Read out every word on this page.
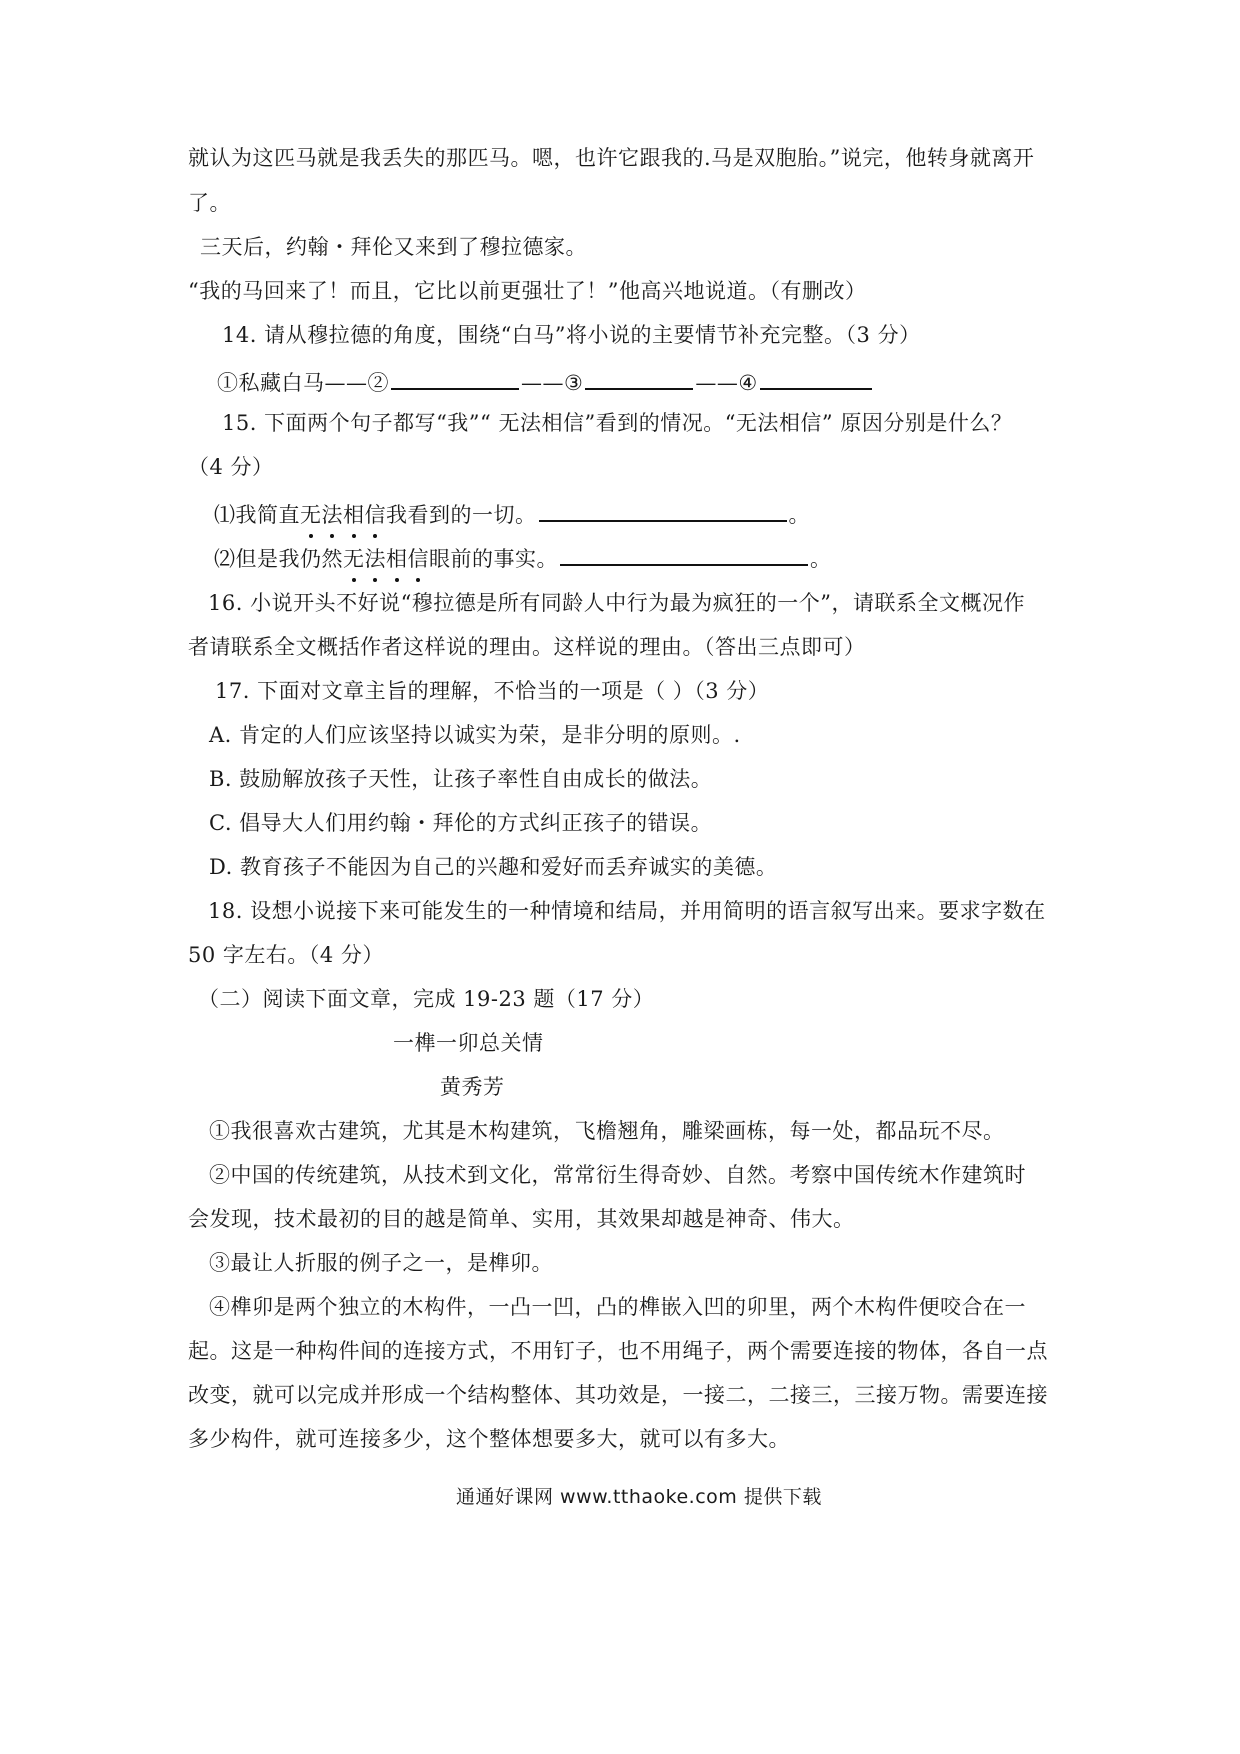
就认为这匹马就是我丢失的那匹马。嗯，也许它跟我的.马是双胞胎。”说完，他转身就离开
了。
三天后，约翰・拜伦又来到了穆拉德家。
“我的马回来了！而且，它比以前更强壮了！”他高兴地说道。（有删改）
14. 请从穆拉德的角度，围绕“白马”将小说的主要情节补充完整。（3 分）
①私藏白马——②	——③	——④
15. 下面两个句子都写“我”“ 无法相信”看到的情况。“无法相信” 原因分别是什么？
（4 分）
⑴我简直无法相信我看到的一切。	。
⑵但是我仍然无法相信眼前的事实。	。
16. 小说开头不好说“穆拉德是所有同龄人中行为最为疯狂的一个”，请联系全文概况作
者请联系全文概括作者这样说的理由。这样说的理由。（答出三点即可）
17. 下面对文章主旨的理解，不恰当的一项是（ ）（3 分）
A. 肯定的人们应该坚持以诚实为荣，是非分明的原则。.
B. 鼓励解放孩子天性，让孩子率性自由成长的做法。
C. 倡导大人们用约翰・拜伦的方式纠正孩子的错误。
D. 教育孩子不能因为自己的兴趣和爱好而丢弃诚实的美德。
18. 设想小说接下来可能发生的一种情境和结局，并用简明的语言叙写出来。要求字数在
50 字左右。（4 分）
（二）阅读下面文章，完成 19-23 题（17 分）
一榫一卯总关情
黄秀芳
①我很喜欢古建筑，尤其是木构建筑，飞檐翘角，雕梁画栋，每一处，都品玩不尽。
②中国的传统建筑，从技术到文化，常常衍生得奇妙、自然。考察中国传统木作建筑时
会发现，技术最初的目的越是简单、实用，其效果却越是神奇、伟大。
③最让人折服的例子之一，是榫卯。
④榫卯是两个独立的木构件，一凸一凹，凸的榫嵌入凹的卯里，两个木构件便咬合在一
起。这是一种构件间的连接方式，不用钉子，也不用绳子，两个需要连接的物体，各自一点
改变，就可以完成并形成一个结构整体、其功效是，一接二，二接三，三接万物。需要连接
多少构件，就可连接多少，这个整体想要多大，就可以有多大。
通通好课网 www.tthaoke.com 提供下载
